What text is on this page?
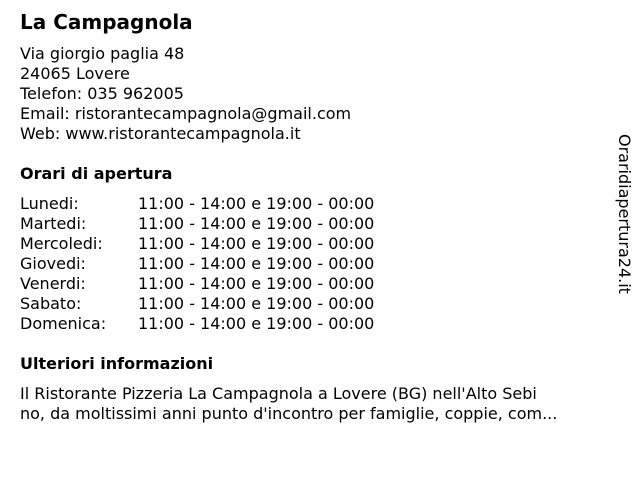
La Campagnola
Via giorgio paglia 48
24065 Lovere
Telefon: 035 962005
Email: ristorantecampagnola@gmail.com
Web: www.ristorantecampagnola.it
Orari di apertura
Lunedi:	11:00 - 14:00 e 19:00 - 00:00
Martedi:	11:00 - 14:00 e 19:00 - 00:00
Mercoledi:	11:00 - 14:00 e 19:00 - 00:00
Giovedi:	11:00 - 14:00 e 19:00 - 00:00
Venerdi:	11:00 - 14:00 e 19:00 - 00:00
Sabato:	11:00 - 14:00 e 19:00 - 00:00
Domenica:	11:00 - 14:00 e 19:00 - 00:00
Ulteriori informazioni
Il Ristorante Pizzeria La Campagnola a Lovere (BG) nell'Alto Sebi
no, da moltissimi anni punto d'incontro per famiglie, coppie, com...
Oraridiapertura24.it
